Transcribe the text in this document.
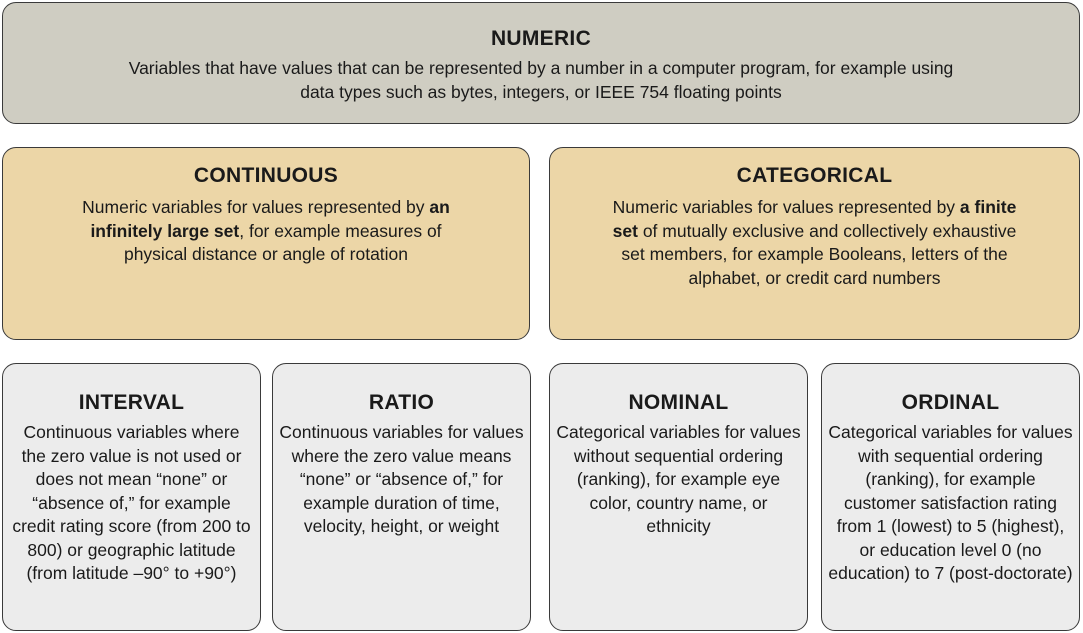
NUMERIC

Variables that have values that can be represented by a number in a computer program, for example using data types such as bytes, integers, or IEEE 754 floating points

CONTINUOUS

Numeric variables for values represented by an infinitely large set, for example measures of physical distance or angle of rotation

CATEGORICAL

Numeric variables for values represented by a finite set of mutually exclusive and collectively exhaustive set members, for example Booleans, letters of the alphabet, or credit card numbers

INTERVAL

Continuous variables where the zero value is not used or does not mean “none” or “absence of,” for example credit rating score (from 200 to 800) or geographic latitude (from latitude –90° to +90°)

RATIO

Continuous variables for values where the zero value means “none” or “absence of,” for example duration of time, velocity, height, or weight

NOMINAL

Categorical variables for values without sequential ordering (ranking), for example eye color, country name, or ethnicity

ORDINAL

Categorical variables for values with sequential ordering (ranking), for example customer satisfaction rating from 1 (lowest) to 5 (highest), or education level 0 (no education) to 7 (post-doctorate)
